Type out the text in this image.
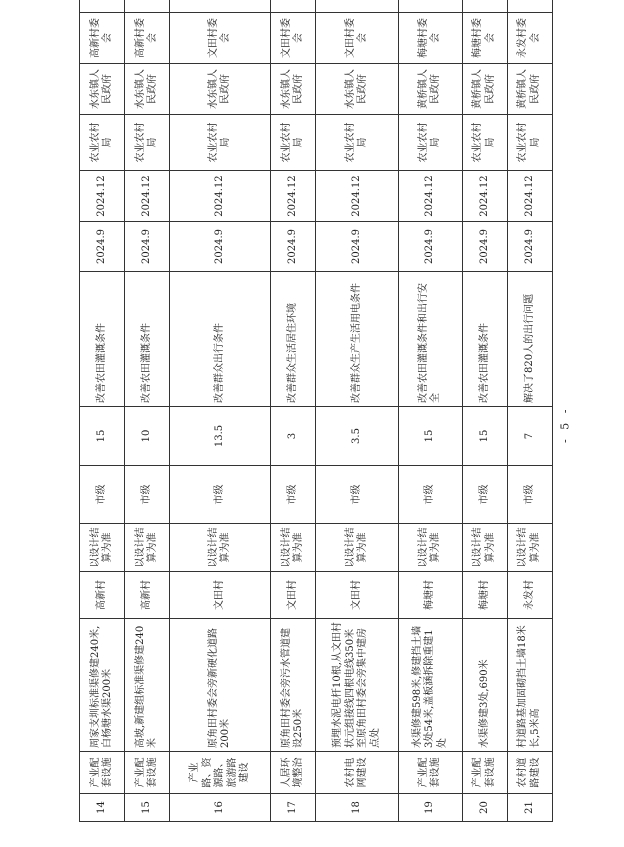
14	产业配套设施	周家支圳标准渠修建240米,白杨塘水渠200米	高新村	以设计结算为准	市级	15	改善农田灌溉条件	2024.9	2024.12	农业农村局	水东镇人民政府	高新村委会	
15	产业配套设施	高坡,新建组标准渠修建240米	高新村	以设计结算为准	市级	10	改善农田灌溉条件	2024.9	2024.12	农业农村局	水东镇人民政府	高新村委会	
16	产业路、资源路、旅游路建设	原角田村委会旁新硬化道路200米	文田村	以设计结算为准	市级	13.5	改善群众出行条件	2024.9	2024.12	农业农村局	水东镇人民政府	文田村委会	
17	人居环境整治	原角田村委会旁污水管道建设250米	文田村	以设计结算为准	市级	3	改善群众生活居住环境	2024.9	2024.12	农业农村局	水东镇人民政府	文田村委会	
18	农村电网建设	预埋水泥电杆10根,从文田村状元组接线四根电线350米至原角田村委会旁集中建房点处	文田村	以设计结算为准	市级	3.5	改善群众生产生活用电条件	2024.9	2024.12	农业农村局	水东镇人民政府	文田村委会	
19	产业配套设施	水渠修建598米,修建挡土墙3处54米,盖板涵拆除重建1处	梅塘村	以设计结算为准	市级	15	改善农田灌溉条件和出行安全	2024.9	2024.12	农业农村局	黄桥镇人民政府	梅塘村委会	
20	产业配套设施	水渠修建3处,690米	梅塘村	以设计结算为准	市级	15	改善农田灌溉条件	2024.9	2024.12	农业农村局	黄桥镇人民政府	梅塘村委会	
21	农村道路建设	村道路基加固砌挡土墙18米长,5米高	永发村	以设计结算为准	市级	7	解决了820人的出行问题	2024.9	2024.12	农业农村局	黄桥镇人民政府	永发村委会	
- 5 -
